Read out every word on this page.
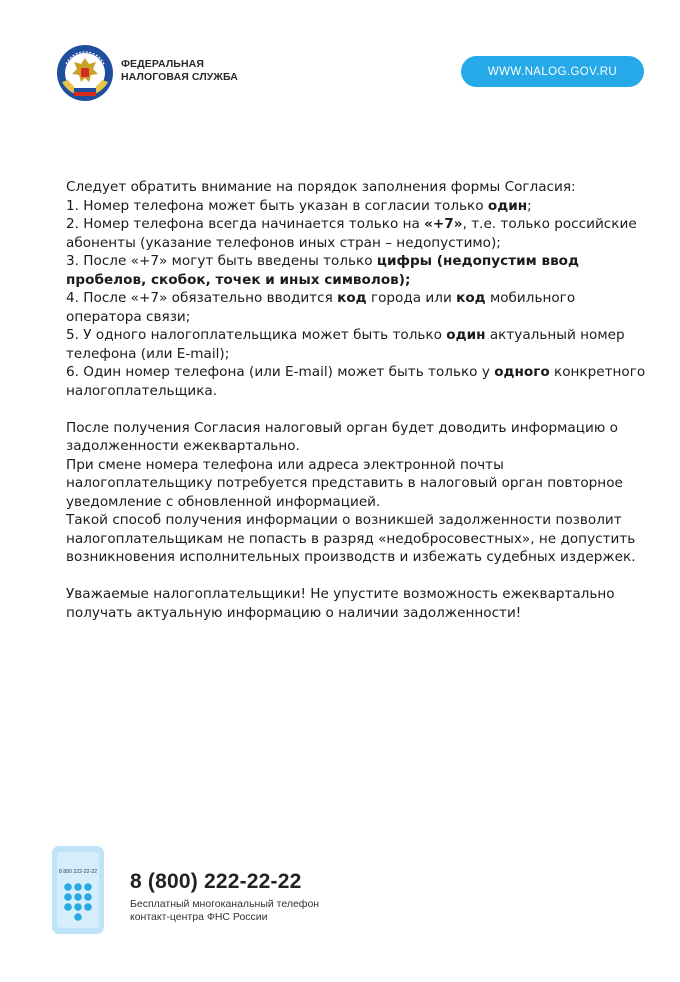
ФЕДЕРАЛЬНАЯ
НАЛОГОВАЯ СЛУЖБА	WWW.NALOG.GOV.RU

Следует обратить внимание на порядок заполнения формы Согласия:

1. Номер телефона может быть указан в согласии только один;

2. Номер телефона всегда начинается только на «+7», т.е. только российские абоненты (указание телефонов иных стран – недопустимо);

3. После «+7» могут быть введены только цифры (недопустим ввод пробелов, скобок, точек и иных символов);

4. После «+7» обязательно вводится код города или код мобильного оператора связи;

5. У одного налогоплательщика может быть только один актуальный номер телефона (или E-mail);

6. Один номер телефона (или E-mail) может быть только у одного конкретного налогоплательщика.

После получения Согласия налоговый орган будет доводить информацию о задолженности ежеквартально.

При смене номера телефона или адреса электронной почты налогоплательщику потребуется представить в налоговый орган повторное уведомление с обновленной информацией.

Такой способ получения информации о возникшей задолженности позволит налогоплательщикам не попасть в разряд «недобросовестных», не допустить возникновения исполнительных производств и избежать судебных издержек.

Уважаемые налогоплательщики! Не упустите возможность ежеквартально получать актуальную информацию о наличии задолженности!

8 800 222-22-22 8 (800) 222-22-22
Бесплатный многоканальный телефон
контакт-центра ФНС России
